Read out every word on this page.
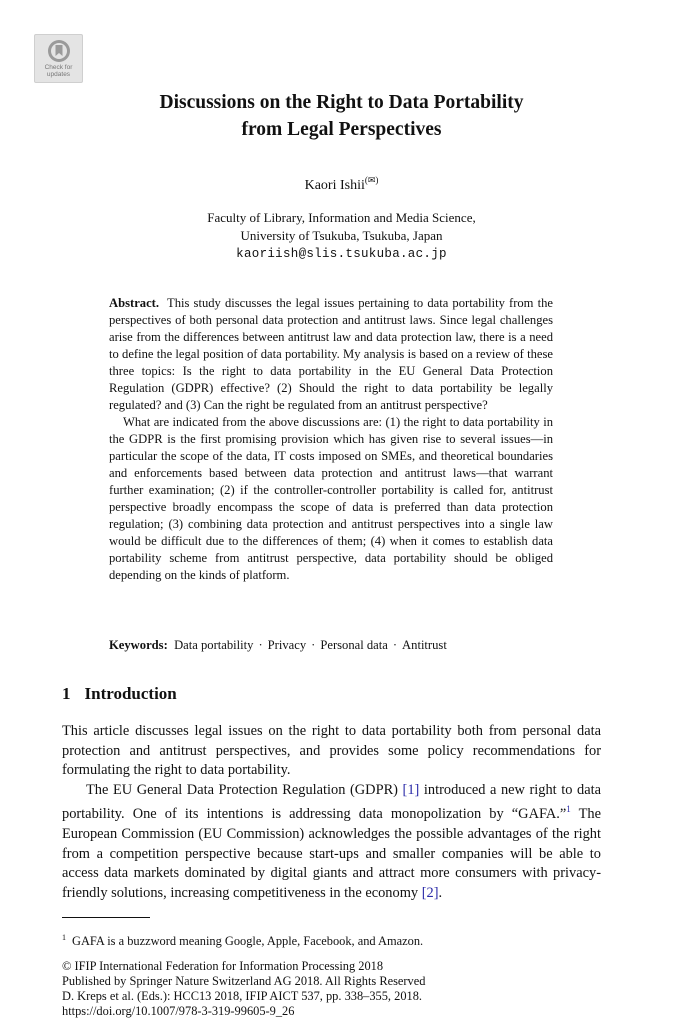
Check for
updates
Discussions on the Right to Data Portability
from Legal Perspectives
Kaori Ishii(✉)
Faculty of Library, Information and Media Science,
University of Tsukuba, Tsukuba, Japan
kaoriish@slis.tsukuba.ac.jp

Abstract. This study discusses the legal issues pertaining to data portability from the perspectives of both personal data protection and antitrust laws. Since legal challenges arise from the differences between antitrust law and data protection law, there is a need to define the legal position of data portability. My analysis is based on a review of these three topics: Is the right to data portability in the EU General Data Protection Regulation (GDPR) effective? (2) Should the right to data portability be legally regulated? and (3) Can the right be regulated from an antitrust perspective?

What are indicated from the above discussions are: (1) the right to data portability in the GDPR is the first promising provision which has given rise to several issues—in particular the scope of the data, IT costs imposed on SMEs, and theoretical boundaries and enforcements based between data protection and antitrust laws—that warrant further examination; (2) if the controller-controller portability is called for, antitrust perspective broadly encompass the scope of data is preferred than data protection regulation; (3) combining data protection and antitrust perspectives into a single law would be difficult due to the differences of them; (4) when it comes to establish data portability scheme from antitrust perspective, data portability should be obliged depending on the kinds of platform.

Keywords: Data portability · Privacy · Personal data · Antitrust
1 Introduction

This article discusses legal issues on the right to data portability both from personal data protection and antitrust perspectives, and provides some policy recommendations for formulating the right to data portability.

The EU General Data Protection Regulation (GDPR) [1] introduced a new right to data portability. One of its intentions is addressing data monopolization by “GAFA.”$^1$ The European Commission (EU Commission) acknowledges the possible advantages of the right from a competition perspective because start-ups and smaller companies will be able to access data markets dominated by digital giants and attract more consumers with privacy-friendly solutions, increasing competitiveness in the economy [2].

$^1$ GAFA is a buzzword meaning Google, Apple, Facebook, and Amazon.
© IFIP International Federation for Information Processing 2018
Published by Springer Nature Switzerland AG 2018. All Rights Reserved
D. Kreps et al. (Eds.): HCC13 2018, IFIP AICT 537, pp. 338–355, 2018.
https://doi.org/10.1007/978-3-319-99605-9_26
